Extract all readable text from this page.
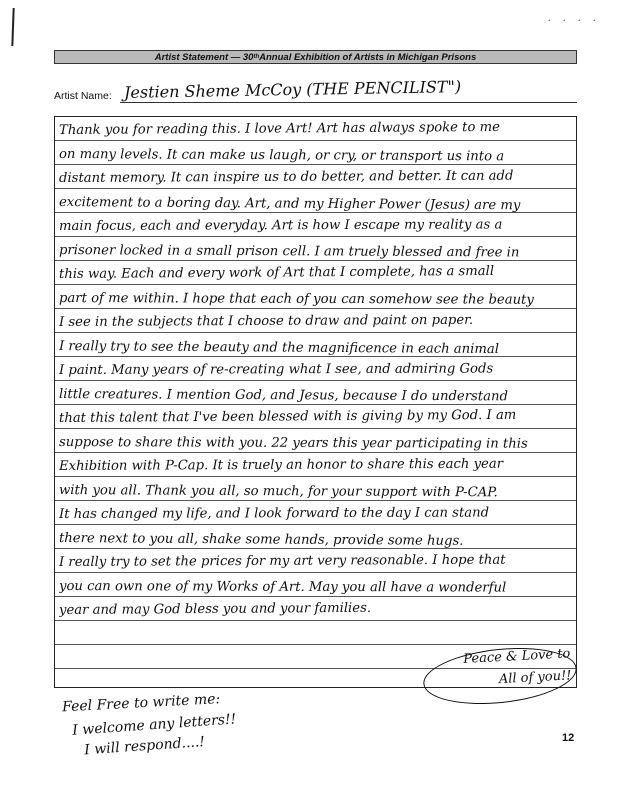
· · · ·
Artist Statement — 30 th Annual Exhibition of Artists in Michigan Prisons
Artist Name: Jestien Sheme McCoy (THE PENCILIST")
year and may God bless you and your families.
you can own one of my Works of Art. May you all have a wonderful
I really try to set the prices for my art very reasonable. I hope that
there next to you all, shake some hands, provide some hugs.
It has changed my life, and I look forward to the day I can stand
with you all. Thank you all, so much, for your support with P-CAP.
Exhibition with P-Cap. It is truely an honor to share this each year
suppose to share this with you. 22 years this year participating in this
that this talent that I've been blessed with is giving by my God. I am
little creatures. I mention God, and Jesus, because I do understand
I paint. Many years of re-creating what I see, and admiring Gods
I really try to see the beauty and the magnificence in each animal
I see in the subjects that I choose to draw and paint on paper.
part of me within. I hope that each of you can somehow see the beauty
this way. Each and every work of Art that I complete, has a small
prisoner locked in a small prison cell. I am truely blessed and free in
main focus, each and everyday. Art is how I escape my reality as a
excitement to a boring day. Art, and my Higher Power (Jesus) are my
distant memory. It can inspire us to do better, and better. It can add
on many levels. It can make us laugh, or cry, or transport us into a
Thank you for reading this. I love Art! Art has always spoke to me
Peace & Love to
All of you!!
Feel Free to write me:
I welcome any letters!!
I will respond....!	12
